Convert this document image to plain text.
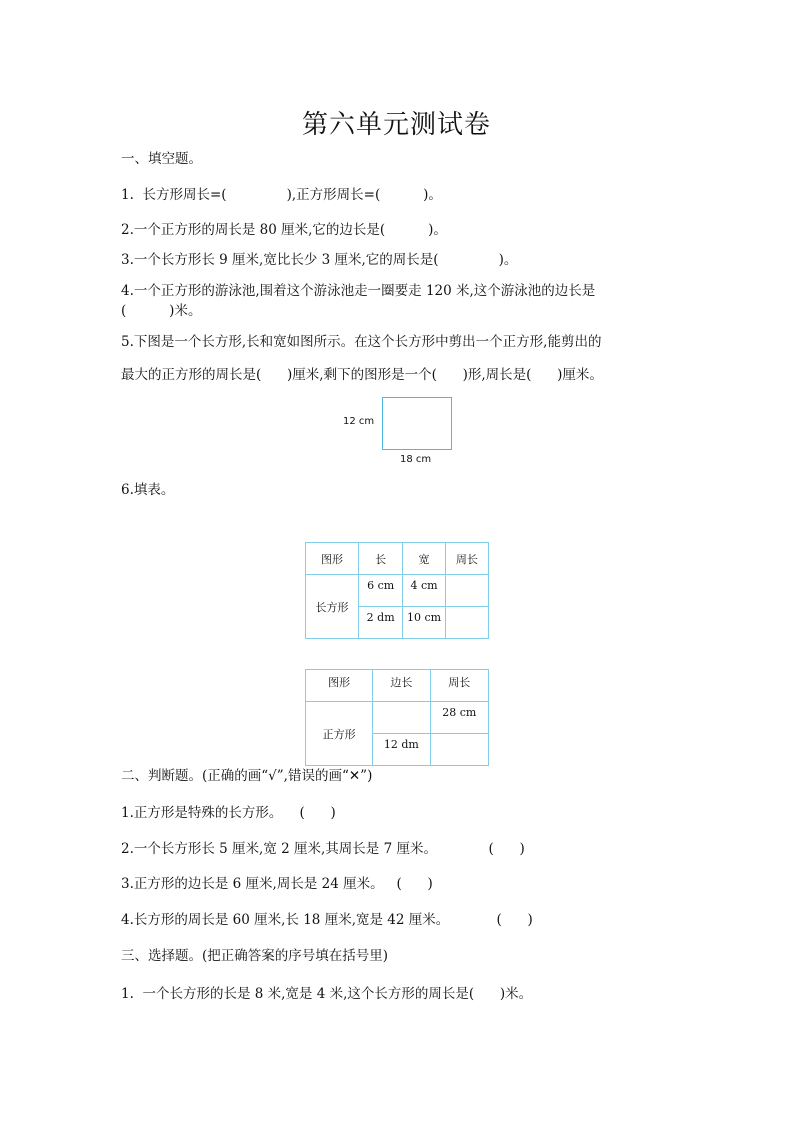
第六单元测试卷
一、填空题。
1.  长方形周长=(              ),正方形周长=(          )。
2.一个正方形的周长是 80 厘米,它的边长是(          )。
3.一个长方形长 9 厘米,宽比长少 3 厘米,它的周长是(              )。
4.一个正方形的游泳池,围着这个游泳池走一圈要走 120 米,这个游泳池的边长是
(          )米。
5.下图是一个长方形,长和宽如图所示。在这个长方形中剪出一个正方形,能剪出的
最大的正方形的周长是(      )厘米,剩下的图形是一个(      )形,周长是(      )厘米。
12 cm
18 cm
6.填表。
图形	长	宽	周长
长方形	6 cm	4 cm	
	2 dm	10 cm	
图形	边长	周长
正方形		28 cm
	12 dm	
二、判断题。(正确的画“√”,错误的画“✕”)
1.正方形是特殊的长方形。    (      )
2.一个长方形长 5 厘米,宽 2 厘米,其周长是 7 厘米。            (      )
3.正方形的边长是 6 厘米,周长是 24 厘米。   (      )
4.长方形的周长是 60 厘米,长 18 厘米,宽是 42 厘米。           (      )
三、选择题。(把正确答案的序号填在括号里)
1.  一个长方形的长是 8 米,宽是 4 米,这个长方形的周长是(      )米。
